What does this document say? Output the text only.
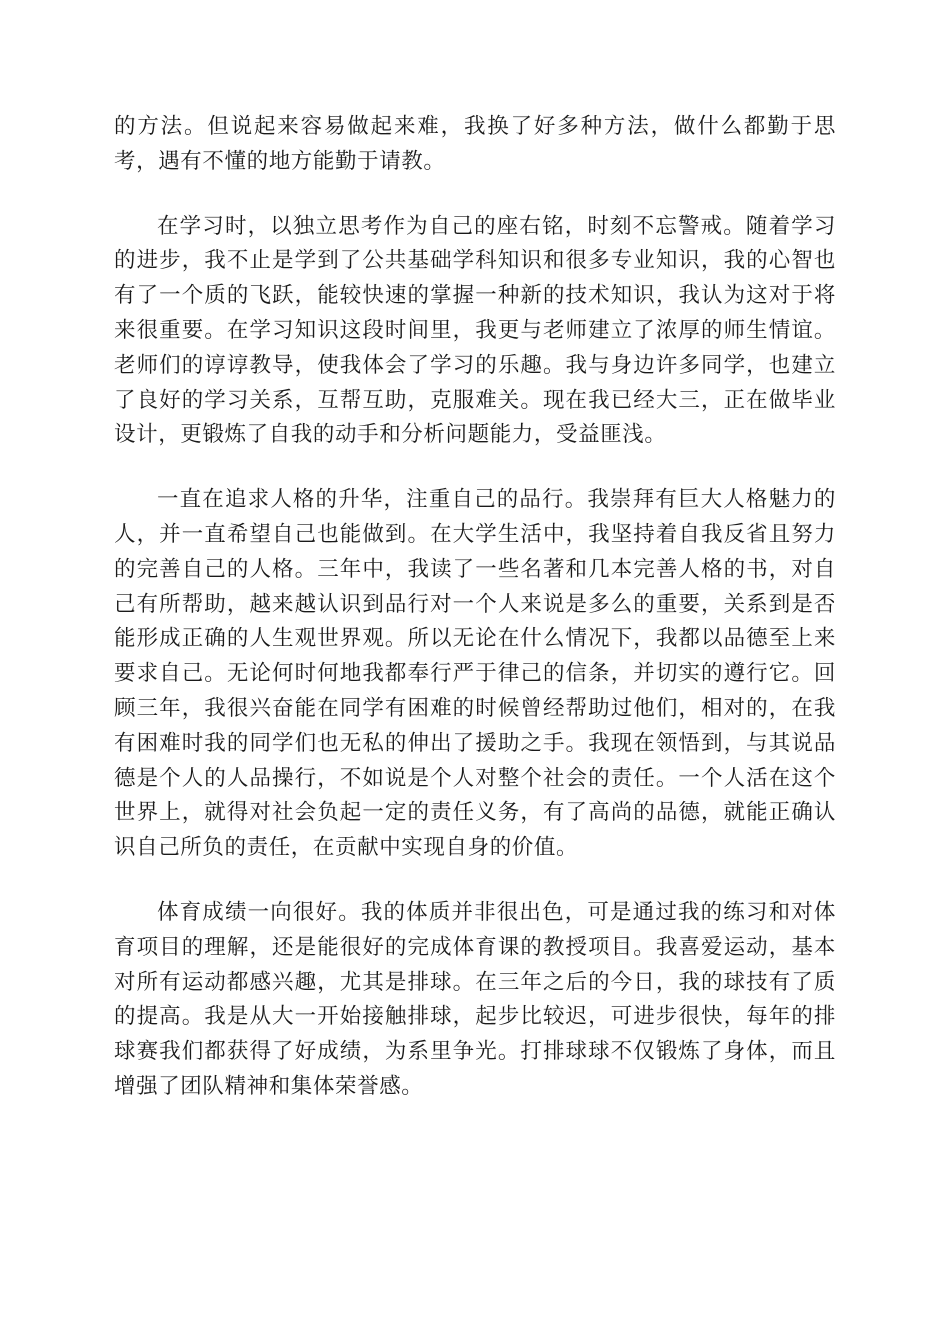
的方法。但说起来容易做起来难，我换了好多种方法，做什么都勤于思考，遇有不懂的地方能勤于请教。

在学习时，以独立思考作为自己的座右铭，时刻不忘警戒。随着学习的进步，我不止是学到了公共基础学科知识和很多专业知识，我的心智也有了一个质的飞跃，能较快速的掌握一种新的技术知识，我认为这对于将来很重要。在学习知识这段时间里，我更与老师建立了浓厚的师生情谊。老师们的谆谆教导，使我体会了学习的乐趣。我与身边许多同学，也建立了良好的学习关系，互帮互助，克服难关。现在我已经大三，正在做毕业设计，更锻炼了自我的动手和分析问题能力，受益匪浅。

一直在追求人格的升华，注重自己的品行。我崇拜有巨大人格魅力的人，并一直希望自己也能做到。在大学生活中，我坚持着自我反省且努力的完善自己的人格。三年中，我读了一些名著和几本完善人格的书，对自己有所帮助，越来越认识到品行对一个人来说是多么的重要，关系到是否能形成正确的人生观世界观。所以无论在什么情况下，我都以品德至上来要求自己。无论何时何地我都奉行严于律己的信条，并切实的遵行它。回顾三年，我很兴奋能在同学有困难的时候曾经帮助过他们，相对的，在我有困难时我的同学们也无私的伸出了援助之手。我现在领悟到，与其说品德是个人的人品操行，不如说是个人对整个社会的责任。一个人活在这个世界上，就得对社会负起一定的责任义务，有了高尚的品德，就能正确认识自己所负的责任，在贡献中实现自身的价值。

体育成绩一向很好。我的体质并非很出色，可是通过我的练习和对体育项目的理解，还是能很好的完成体育课的教授项目。我喜爱运动，基本对所有运动都感兴趣，尤其是排球。在三年之后的今日，我的球技有了质的提高。我是从大一开始接触排球，起步比较迟，可进步很快，每年的排球赛我们都获得了好成绩，为系里争光。打排球球不仅锻炼了身体，而且增强了团队精神和集体荣誉感。
